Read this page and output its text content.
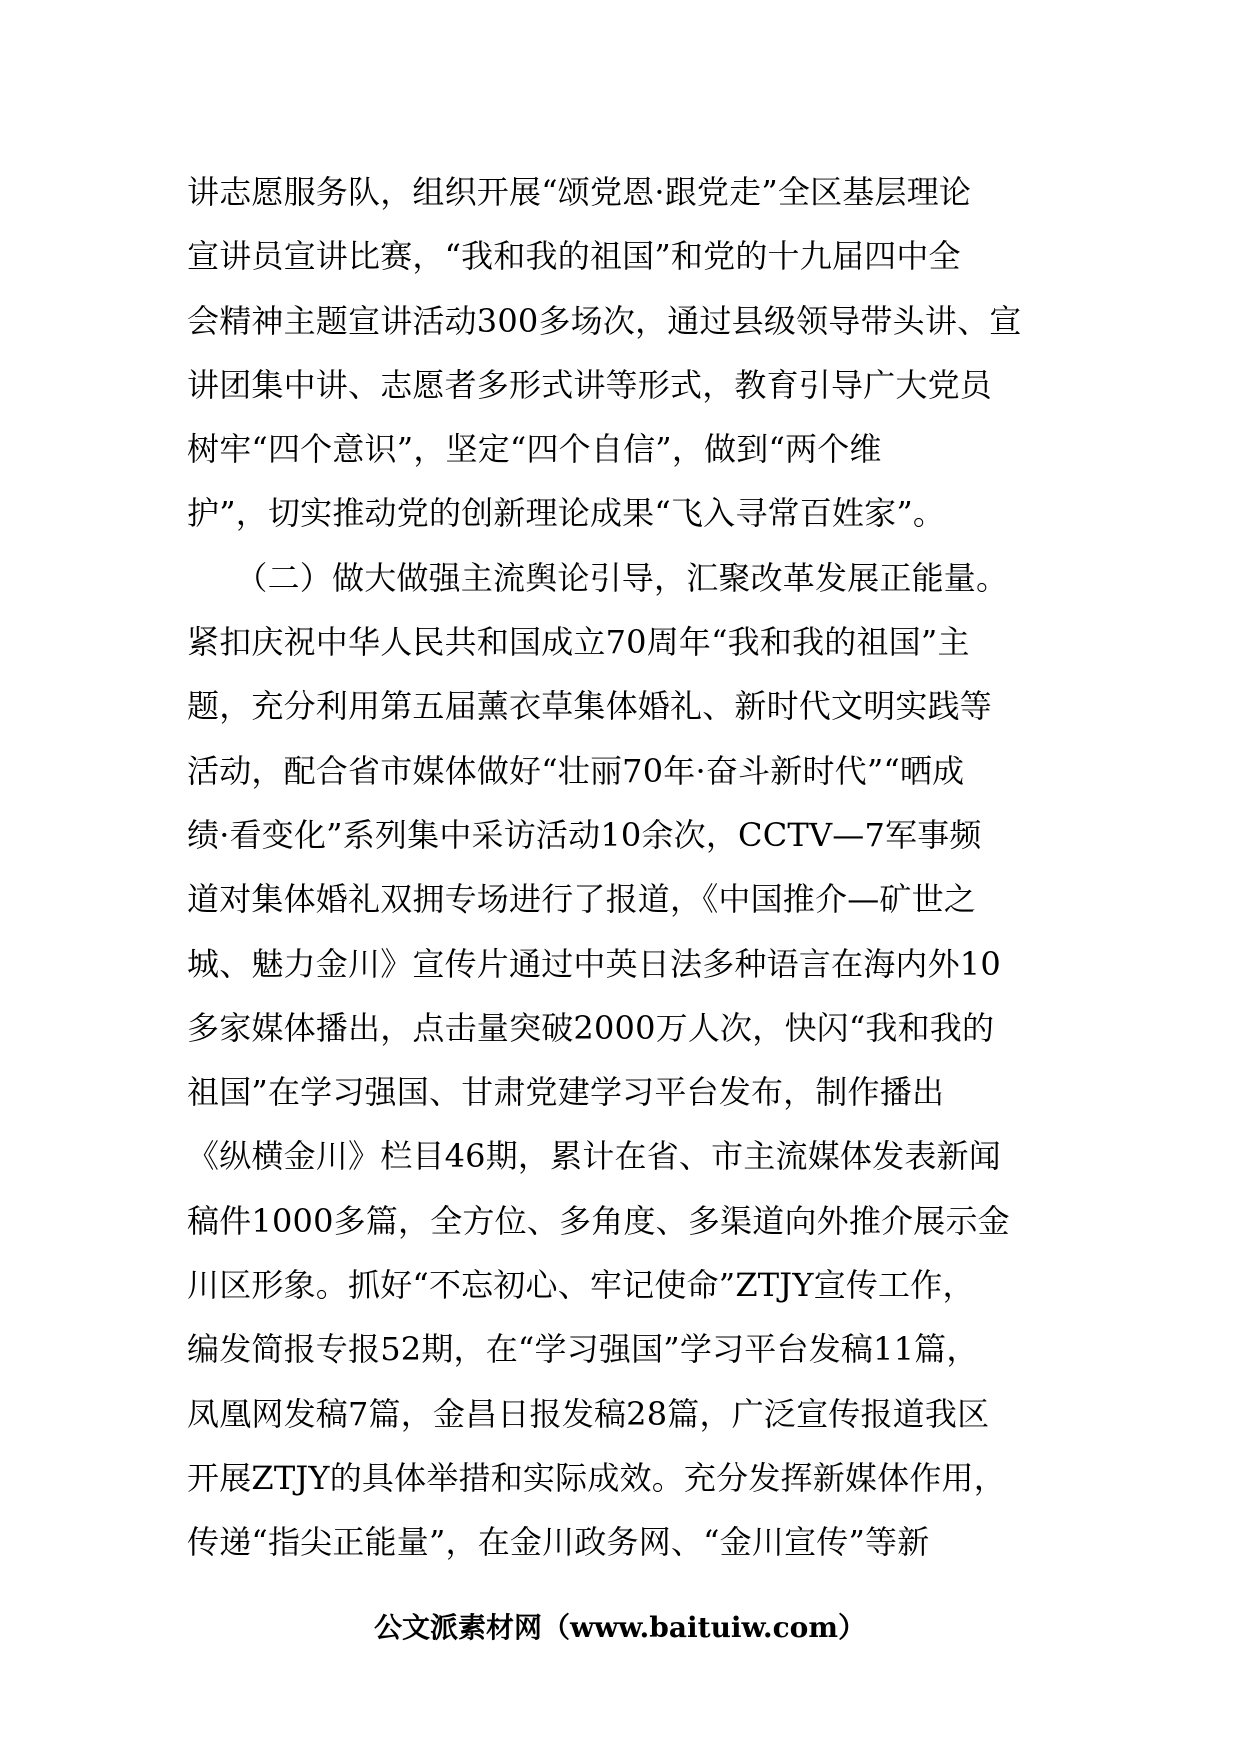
讲志愿服务队，组织开展“颂党恩·跟党走”全区基层理论
宣讲员宣讲比赛，“我和我的祖国”和党的十九届四中全
会精神主题宣讲活动300多场次，通过县级领导带头讲、宣
讲团集中讲、志愿者多形式讲等形式，教育引导广大党员
树牢“四个意识”，坚定“四个自信”，做到“两个维
护”，切实推动党的创新理论成果“飞入寻常百姓家”。
　　（二）做大做强主流舆论引导，汇聚改革发展正能量。
紧扣庆祝中华人民共和国成立70周年“我和我的祖国”主
题，充分利用第五届薰衣草集体婚礼、新时代文明实践等
活动，配合省市媒体做好“壮丽70年·奋斗新时代”“晒成
绩·看变化”系列集中采访活动10余次，CCTV—7军事频
道对集体婚礼双拥专场进行了报道，《中国推介—矿世之
城、魅力金川》宣传片通过中英日法多种语言在海内外10
多家媒体播出，点击量突破2000万人次，快闪“我和我的
祖国”在学习强国、甘肃党建学习平台发布，制作播出
《纵横金川》栏目46期，累计在省、市主流媒体发表新闻
稿件1000多篇，全方位、多角度、多渠道向外推介展示金
川区形象。抓好“不忘初心、牢记使命”ZTJY宣传工作，
编发简报专报52期，在“学习强国”学习平台发稿11篇，
凤凰网发稿7篇，金昌日报发稿28篇，广泛宣传报道我区
开展ZTJY的具体举措和实际成效。充分发挥新媒体作用，
传递“指尖正能量”，在金川政务网、“金川宣传”等新
公文派素材网（www.baituiw.com）
